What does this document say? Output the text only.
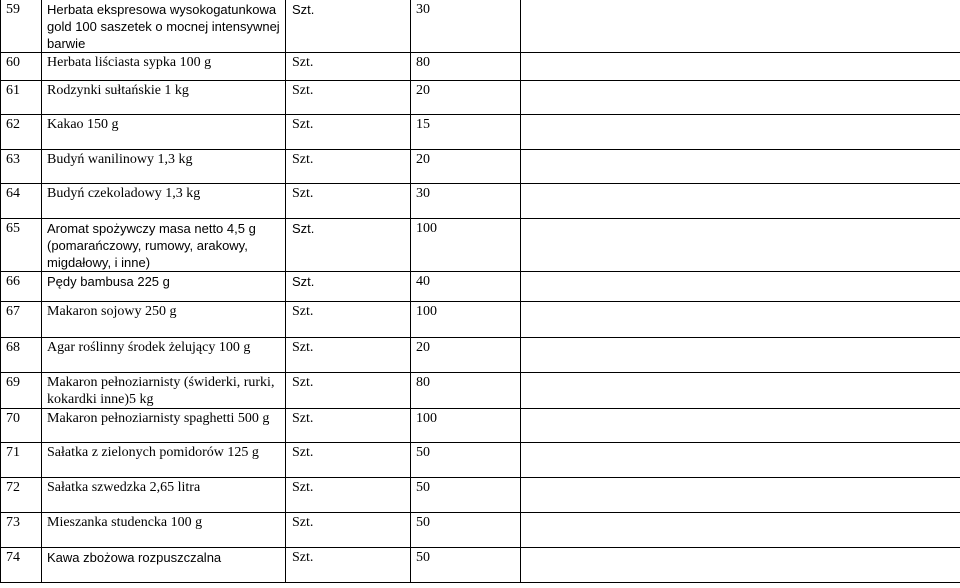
59	Herbata ekspresowa wysokogatunkowa gold 100 saszetek o mocnej intensywnej barwie	Szt.	30	
60	Herbata liściasta sypka 100 g	Szt.	80	
61	Rodzynki sułtańskie 1 kg	Szt.	20	
62	Kakao 150 g	Szt.	15	
63	Budyń wanilinowy 1,3 kg	Szt.	20	
64	Budyń czekoladowy 1,3 kg	Szt.	30	
65	Aromat spożywczy masa netto 4,5 g (pomarańczowy, rumowy, arakowy, migdałowy, i inne)	Szt.	100	
66	Pędy bambusa 225 g	Szt.	40	
67	Makaron sojowy 250 g	Szt.	100	
68	Agar roślinny środek żelujący 100 g	Szt.	20	
69	Makaron pełnoziarnisty (świderki, rurki, kokardki inne)5 kg	Szt.	80	
70	Makaron pełnoziarnisty spaghetti 500 g	Szt.	100	
71	Sałatka z zielonych pomidorów 125 g	Szt.	50	
72	Sałatka szwedzka 2,65 litra	Szt.	50	
73	Mieszanka studencka 100 g	Szt.	50	
74	Kawa zbożowa rozpuszczalna	Szt.	50	
